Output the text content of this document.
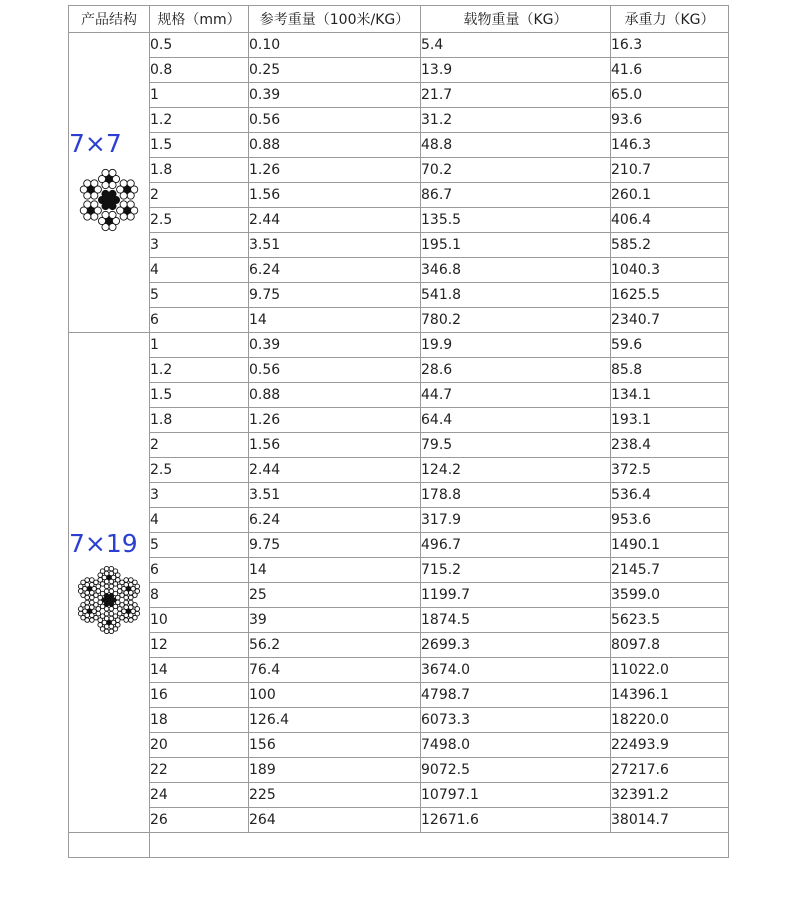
产品结构	规格（mm）	参考重量（100米/KG）	载物重量（KG）	承重力（KG）

7×7	0.5	0.10	5.4	16.3
	0.8	0.25	13.9	41.6
	1	0.39	21.7	65.0
	1.2	0.56	31.2	93.6
	1.5	0.88	48.8	146.3
	1.8	1.26	70.2	210.7
	2	1.56	86.7	260.1
	2.5	2.44	135.5	406.4
	3	3.51	195.1	585.2
	4	6.24	346.8	1040.3
	5	9.75	541.8	1625.5
	6	14	780.2	2340.7

7×19	1	0.39	19.9	59.6
	1.2	0.56	28.6	85.8
	1.5	0.88	44.7	134.1
	1.8	1.26	64.4	193.1
	2	1.56	79.5	238.4
	2.5	2.44	124.2	372.5
	3	3.51	178.8	536.4
	4	6.24	317.9	953.6
	5	9.75	496.7	1490.1
	6	14	715.2	2145.7
	8	25	1199.7	3599.0
	10	39	1874.5	5623.5
	12	56.2	2699.3	8097.8
	14	76.4	3674.0	11022.0
	16	100	4798.7	14396.1
	18	126.4	6073.3	18220.0
	20	156	7498.0	22493.9
	22	189	9072.5	27217.6
	24	225	10797.1	32391.2
	26	264	12671.6	38014.7
